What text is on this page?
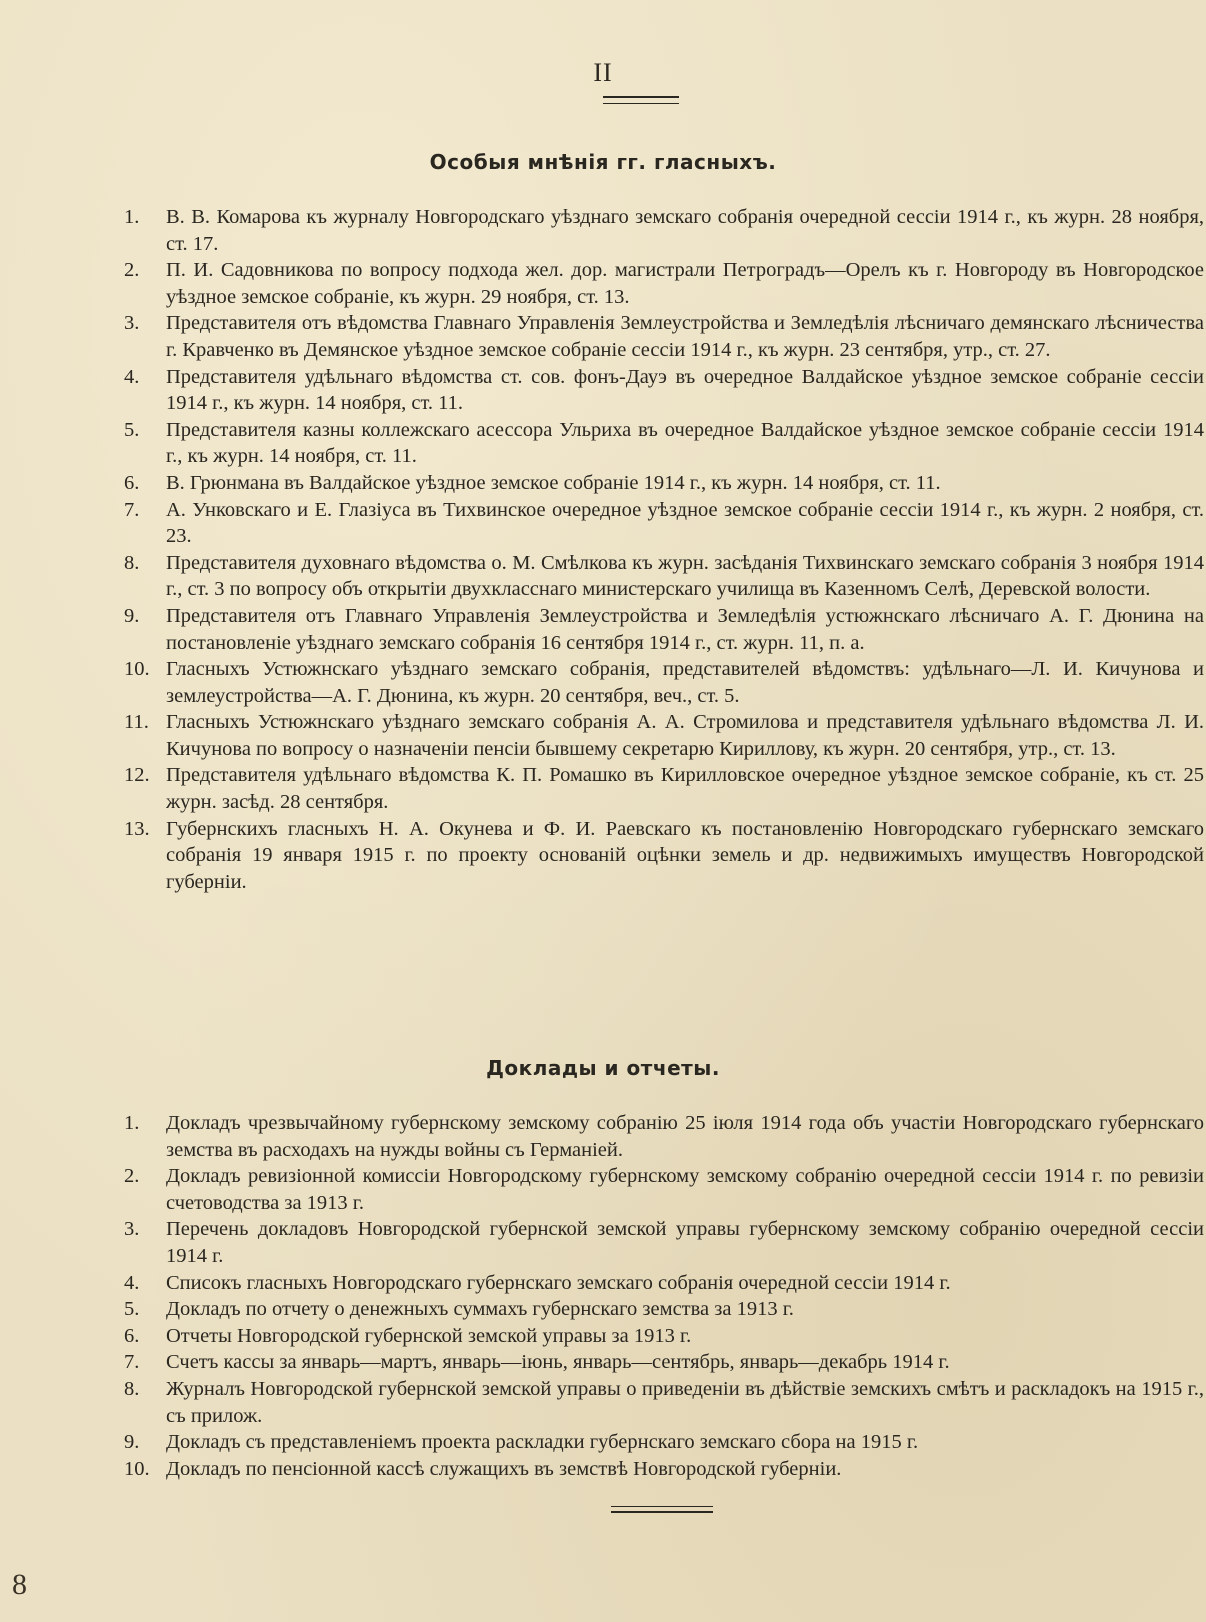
II
Особыя мнѣнія гг. гласныхъ.
1.	В. В. Комарова къ журналу Новгородскаго уѣзднаго земскаго собранія очередной сессіи 1914 г., къ журн. 28 ноября, ст. 17.
2.	П. И. Садовникова по вопросу подхода жел. дор. магистрали Петроградъ—Орелъ къ г. Новгороду въ Новгородское уѣздное земское собраніе, къ журн. 29 ноября, ст. 13.
3.	Представителя отъ вѣдомства Главнаго Управленія Землеустройства и Земледѣлія лѣсничаго демянскаго лѣсничества г. Кравченко въ Демянское уѣздное земское собраніе сессіи 1914 г., къ журн. 23 сентября, утр., ст. 27.
4.	Представителя удѣльнаго вѣдомства ст. сов. фонъ-Дауэ въ очередное Валдайское уѣздное земское собраніе сессіи 1914 г., къ журн. 14 ноября, ст. 11.
5.	Представителя казны коллежскаго асессора Ульриха въ очередное Валдайское уѣздное земское собраніе сессіи 1914 г., къ журн. 14 ноября, ст. 11.
6.	В. Грюнмана въ Валдайское уѣздное земское собраніе 1914 г., къ журн. 14 ноября, ст. 11.
7.	А. Унковскаго и Е. Глазіуса въ Тихвинское очередное уѣздное земское собраніе сессіи 1914 г., къ журн. 2 ноября, ст. 23.
8.	Представителя духовнаго вѣдомства о. М. Смѣлкова къ журн. засѣданія Тихвинскаго земскаго собранія 3 ноября 1914 г., ст. 3 по вопросу объ открытіи двухкласснаго министерскаго училища въ Казенномъ Селѣ, Деревской волости.
9.	Представителя отъ Главнаго Управленія Землеустройства и Земледѣлія устюжнскаго лѣсничаго А. Г. Дюнина на постановленіе уѣзднаго земскаго собранія 16 сентября 1914 г., ст. журн. 11, п. а.
10. Гласныхъ Устюжнскаго уѣзднаго земскаго собранія, представителей вѣдомствъ: удѣльнаго—Л. И. Кичунова и землеустройства—А. Г. Дюнина, къ журн. 20 сентября, веч., ст. 5.
11. Гласныхъ Устюжнскаго уѣзднаго земскаго собранія А. А. Стромилова и представителя удѣльнаго вѣдомства Л. И. Кичунова по вопросу о назначеніи пенсіи бывшему секретарю Кириллову, къ журн. 20 сентября, утр., ст. 13.
12. Представителя удѣльнаго вѣдомства К. П. Ромашко въ Кирилловское очередное уѣздное земское собраніе, къ ст. 25 журн. засѣд. 28 сентября.
13. Губернскихъ гласныхъ Н. А. Окунева и Ф. И. Раевскаго къ постановленію Новгородскаго губернскаго земскаго собранія 19 января 1915 г. по проекту основаній оцѣнки земель и др. недвижимыхъ имуществъ Новгородской губерніи.
Доклады и отчеты.
1.	Докладъ чрезвычайному губернскому земскому собранію 25 іюля 1914 года объ участіи Новгородскаго губернскаго земства въ расходахъ на нужды войны съ Германіей.
2.	Докладъ ревизіонной комиссіи Новгородскому губернскому земскому собранію очередной сессіи 1914 г. по ревизіи счетоводства за 1913 г.
3.	Перечень докладовъ Новгородской губернской земской управы губернскому земскому собранію очередной сессіи 1914 г.
4.	Списокъ гласныхъ Новгородскаго губернскаго земскаго собранія очередной сессіи 1914 г.
5.	Докладъ по отчету о денежныхъ суммахъ губернскаго земства за 1913 г.
6.	Отчеты Новгородской губернской земской управы за 1913 г.
7.	Счетъ кассы за январь—мартъ, январь—іюнь, январь—сентябрь, январь—декабрь 1914 г.
8.	Журналъ Новгородской губернской земской управы о приведеніи въ дѣйствіе земскихъ смѣтъ и раскладокъ на 1915 г., съ прилож.
9.	Докладъ съ представленіемъ проекта раскладки губернскаго земскаго сбора на 1915 г.
10. Докладъ по пенсіонной кассѣ служащихъ въ земствѣ Новгородской губерніи.
8
